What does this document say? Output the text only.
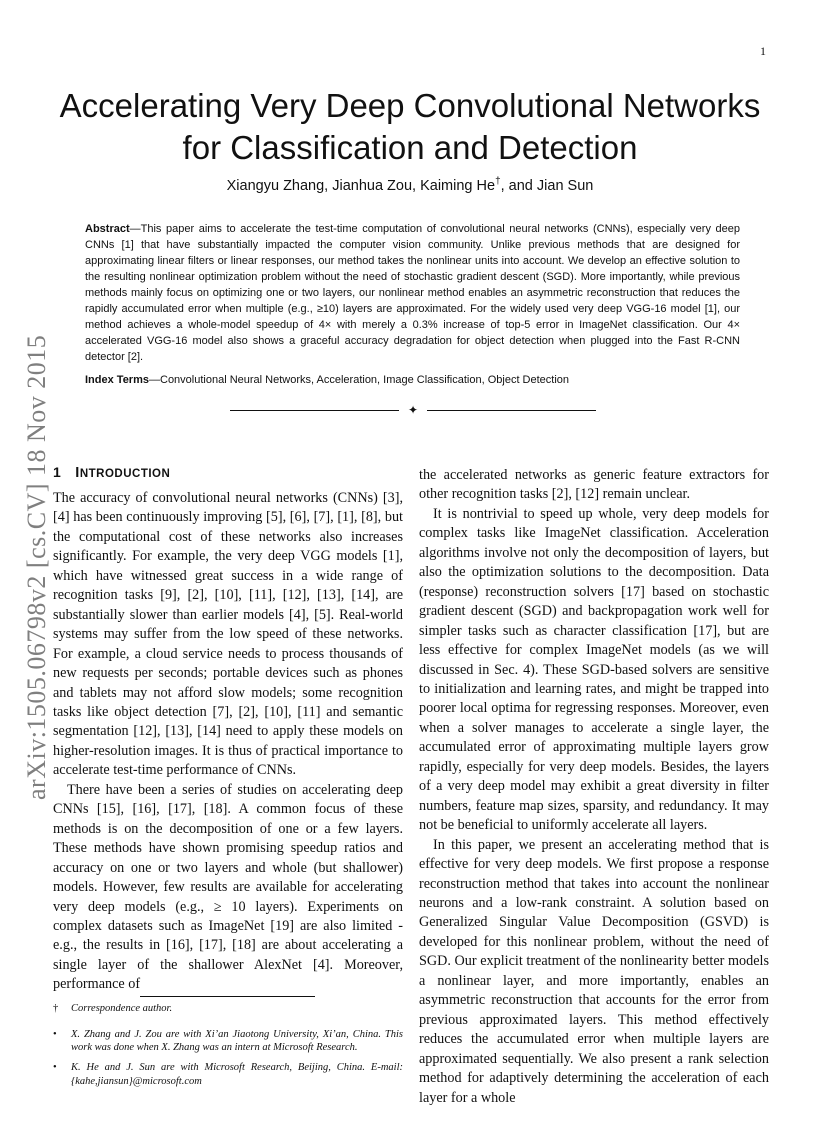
1
Accelerating Very Deep Convolutional Networks for Classification and Detection
Xiangyu Zhang, Jianhua Zou, Kaiming He†, and Jian Sun
Abstract—This paper aims to accelerate the test-time computation of convolutional neural networks (CNNs), especially very deep CNNs [1] that have substantially impacted the computer vision community. Unlike previous methods that are designed for approximating linear filters or linear responses, our method takes the nonlinear units into account. We develop an effective solution to the resulting nonlinear optimization problem without the need of stochastic gradient descent (SGD). More importantly, while previous methods mainly focus on optimizing one or two layers, our nonlinear method enables an asymmetric reconstruction that reduces the rapidly accumulated error when multiple (e.g., ≥10) layers are approximated. For the widely used very deep VGG-16 model [1], our method achieves a whole-model speedup of 4× with merely a 0.3% increase of top-5 error in ImageNet classification. Our 4× accelerated VGG-16 model also shows a graceful accuracy degradation for object detection when plugged into the Fast R-CNN detector [2].
Index Terms—Convolutional Neural Networks, Acceleration, Image Classification, Object Detection
✦
arXiv:1505.06798v2 [cs.CV] 18 Nov 2015 1 INTRODUCTION

The accuracy of convolutional neural networks (CNNs) [3], [4] has been continuously improving [5], [6], [7], [1], [8], but the computational cost of these networks also increases significantly. For example, the very deep VGG models [1], which have witnessed great success in a wide range of recognition tasks [9], [2], [10], [11], [12], [13], [14], are substantially slower than earlier models [4], [5]. Real-world systems may suffer from the low speed of these networks. For example, a cloud service needs to process thousands of new requests per seconds; portable devices such as phones and tablets may not afford slow models; some recognition tasks like object detection [7], [2], [10], [11] and semantic segmentation [12], [13], [14] need to apply these models on higher-resolution images. It is thus of practical importance to accelerate test-time performance of CNNs.

There have been a series of studies on accelerating deep CNNs [15], [16], [17], [18]. A common focus of these methods is on the decomposition of one or a few layers. These methods have shown promising speedup ratios and accuracy on one or two layers and whole (but shallower) models. However, few results are available for accelerating very deep models (e.g., ≥ 10 layers). Experiments on complex datasets such as ImageNet [19] are also limited - e.g., the results in [16], [17], [18] are about accelerating a single layer of the shallower AlexNet [4]. Moreover, performance of

the accelerated networks as generic feature extractors for other recognition tasks [2], [12] remain unclear.

It is nontrivial to speed up whole, very deep models for complex tasks like ImageNet classification. Acceleration algorithms involve not only the decomposition of layers, but also the optimization solutions to the decomposition. Data (response) reconstruction solvers [17] based on stochastic gradient descent (SGD) and backpropagation work well for simpler tasks such as character classification [17], but are less effective for complex ImageNet models (as we will discussed in Sec. 4). These SGD-based solvers are sensitive to initialization and learning rates, and might be trapped into poorer local optima for regressing responses. Moreover, even when a solver manages to accelerate a single layer, the accumulated error of approximating multiple layers grow rapidly, especially for very deep models. Besides, the layers of a very deep model may exhibit a great diversity in filter numbers, feature map sizes, sparsity, and redundancy. It may not be beneficial to uniformly accelerate all layers.

In this paper, we present an accelerating method that is effective for very deep models. We first propose a response reconstruction method that takes into account the nonlinear neurons and a low-rank constraint. A solution based on Generalized Singular Value Decomposition (GSVD) is developed for this nonlinear problem, without the need of SGD. Our explicit treatment of the nonlinearity better models a nonlinear layer, and more importantly, enables an asymmetric reconstruction that accounts for the error from previous approximated layers. This method effectively reduces the accumulated error when multiple layers are approximated sequentially. We also present a rank selection method for adaptively determining the acceleration of each layer for a whole

† Correspondence author.
• X. Zhang and J. Zou are with Xi’an Jiaotong University, Xi’an, China. This work was done when X. Zhang was an intern at Microsoft Research.
• K. He and J. Sun are with Microsoft Research, Beijing, China. E-mail: {kahe,jiansun}@microsoft.com
